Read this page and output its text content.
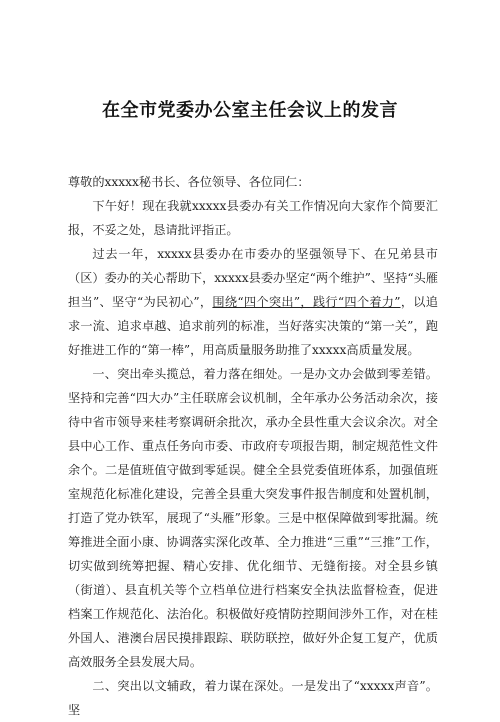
在全市党委办公室主任会议上的发言

尊敬的xxxxx秘书长、各位领导、各位同仁：

下午好！现在我就xxxxx县委办有关工作情况向大家作个简要汇报，不妥之处，恳请批评指正。

过去一年，xxxxx县委办在市委办的坚强领导下、在兄弟县市（区）委办的关心帮助下，xxxxx县委办坚定“两个维护”、坚持“头雁担当”、坚守“为民初心”，围绕“四个突出”，践行“四个着力”，以追求一流、追求卓越、追求前列的标准，当好落实决策的“第一关”，跑好推进工作的“第一棒”，用高质量服务助推了xxxxx高质量发展。

一、突出牵头揽总，着力落在细处。一是办文办会做到零差错。坚持和完善“四大办”主任联席会议机制，全年承办公务活动余次，接待中省市领导来桂考察调研余批次，承办全县性重大会议余次。对全县中心工作、重点任务向市委、市政府专项报告期，制定规范性文件余个。二是值班值守做到零延误。健全全县党委值班体系，加强值班室规范化标准化建设，完善全县重大突发事件报告制度和处置机制，打造了党办铁军，展现了“头雁”形象。三是中枢保障做到零批漏。统筹推进全面小康、协调落实深化改革、全力推进“三重”“三推”工作，切实做到统筹把握、精心安排、优化细节、无缝衔接。对全县乡镇（街道）、县直机关等个立档单位进行档案安全执法监督检查，促进档案工作规范化、法治化。积极做好疫情防控期间涉外工作，对在桂外国人、港澳台居民摸排跟踪、联防联控，做好外企复工复产，优质高效服务全县发展大局。

二、突出以文辅政，着力谋在深处。一是发出了“xxxxx声音”。坚
